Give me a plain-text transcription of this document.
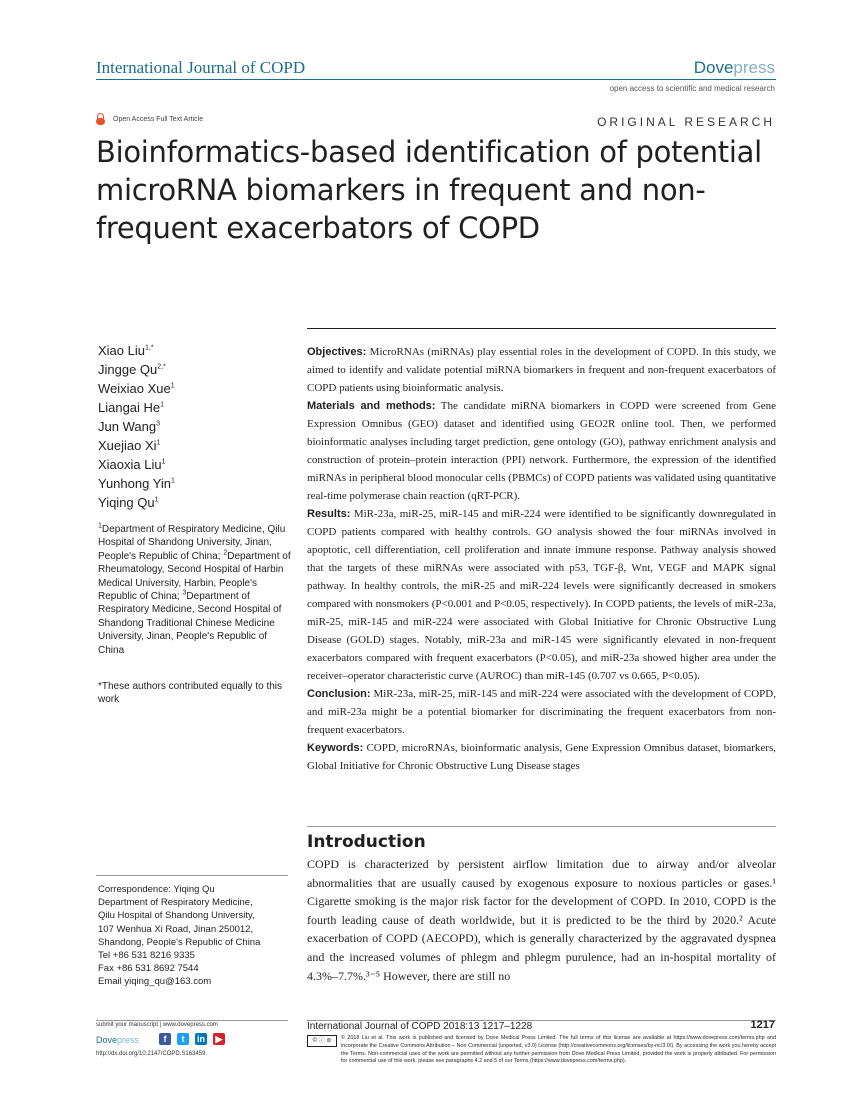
International Journal of COPD	Dovepress
open access to scientific and medical research
Open Access Full Text Article	ORIGINAL RESEARCH
Bioinformatics-based identification of potential microRNA biomarkers in frequent and non-frequent exacerbators of COPD
Xiao Liu$^{1,*}$
Jingge $Qu^{2,*}$
Weixiao Xue$^1$
Liangai He$^1$
Jun Wang$^3$
Xuejiao Xi$^1$
Xiaoxia Liu$^1$
Yunhong Yin$^1$
Yiqing Qu$^1$
$^1$Department of Respiratory Medicine, Qilu Hospital of Shandong University, Jinan, People's Republic of China; $^2$Department of Rheumatology, Second Hospital of Harbin Medical University, Harbin, People's Republic of China; $^3$Department of Respiratory Medicine, Second Hospital of Shandong Traditional Chinese Medicine University, Jinan, People's Republic of China
*These authors contributed equally to this work
Correspondence: Yiqing Qu
Department of Respiratory Medicine,
Qilu Hospital of Shandong University,
107 Wenhua Xi Road, Jinan 250012,
Shandong, People's Republic of China
Tel +86 531 8216 9335
Fax +86 531 8692 7544
Email yiqing_qu@163.com

Objectives: MicroRNAs (miRNAs) play essential roles in the development of COPD. In this study, we aimed to identify and validate potential miRNA biomarkers in frequent and non-frequent exacerbators of COPD patients using bioinformatic analysis.

Materials and methods: The candidate miRNA biomarkers in COPD were screened from Gene Expression Omnibus (GEO) dataset and identified using GEO2R online tool. Then, we performed bioinformatic analyses including target prediction, gene ontology (GO), pathway enrichment analysis and construction of protein–protein interaction (PPI) network. Furthermore, the expression of the identified miRNAs in peripheral blood monocular cells (PBMCs) of COPD patients was validated using quantitative real-time polymerase chain reaction (qRT-PCR).

Results: MiR-23a, miR-25, miR-145 and miR-224 were identified to be significantly downregulated in COPD patients compared with healthy controls. GO analysis showed the four miRNAs involved in apoptotic, cell differentiation, cell proliferation and innate immune response. Pathway analysis showed that the targets of these miRNAs were associated with p53, TGF-β, Wnt, VEGF and MAPK signal pathway. In healthy controls, the miR-25 and miR-224 levels were significantly decreased in smokers compared with nonsmokers (P<0.001 and P<0.05, respectively). In COPD patients, the levels of miR-23a, miR-25, miR-145 and miR-224 were associated with Global Initiative for Chronic Obstructive Lung Disease (GOLD) stages. Notably, miR-23a and miR-145 were significantly elevated in non-frequent exacerbators compared with frequent exacerbators (P<0.05), and miR-23a showed higher area under the receiver–operator characteristic curve (AUROC) than miR-145 (0.707 vs 0.665, P<0.05).

Conclusion: MiR-23a, miR-25, miR-145 and miR-224 were associated with the development of COPD, and miR-23a might be a potential biomarker for discriminating the frequent exacerbators from non-frequent exacerbators.

Keywords: COPD, microRNAs, bioinformatic analysis, Gene Expression Omnibus dataset, biomarkers, Global Initiative for Chronic Obstructive Lung Disease stages

Introduction

COPD is characterized by persistent airflow limitation due to airway and/or alveolar abnormalities that are usually caused by exogenous exposure to noxious particles or gases.¹ Cigarette smoking is the major risk factor for the development of COPD. In 2010, COPD is the fourth leading cause of death worldwide, but it is predicted to be the third by 2020.² Acute exacerbation of COPD (AECOPD), which is generally characterized by the aggravated dyspnea and the increased volumes of phlegm and phlegm purulence, had an in-hospital mortality of 4.3%–7.7%.³⁻⁵ However, there are still no

submit your manuscript | www.dovepress.com
Dovepress	f	t	in ▶
http://dx.doi.org/10.2147/COPD.S163459
International Journal of COPD 2018:13 1217–1228	1217
© ⓘ ⊜	© 2018 Liu et al. This work is published and licensed by Dove Medical Press Limited. The full terms of this license are available at https://www.dovepress.com/terms.php and incorporate the Creative Commons Attribution – Non Commercial (unported, v3.0) License (http://creativecommons.org/licenses/by-nc/3.0/). By accessing the work you hereby accept the Terms. Non-commercial uses of the work are permitted without any further permission from Dove Medical Press Limited, provided the work is properly attributed. For permission for commercial use of this work, please see paragraphs 4.2 and 5 of our Terms (https://www.dovepress.com/terms.php).
